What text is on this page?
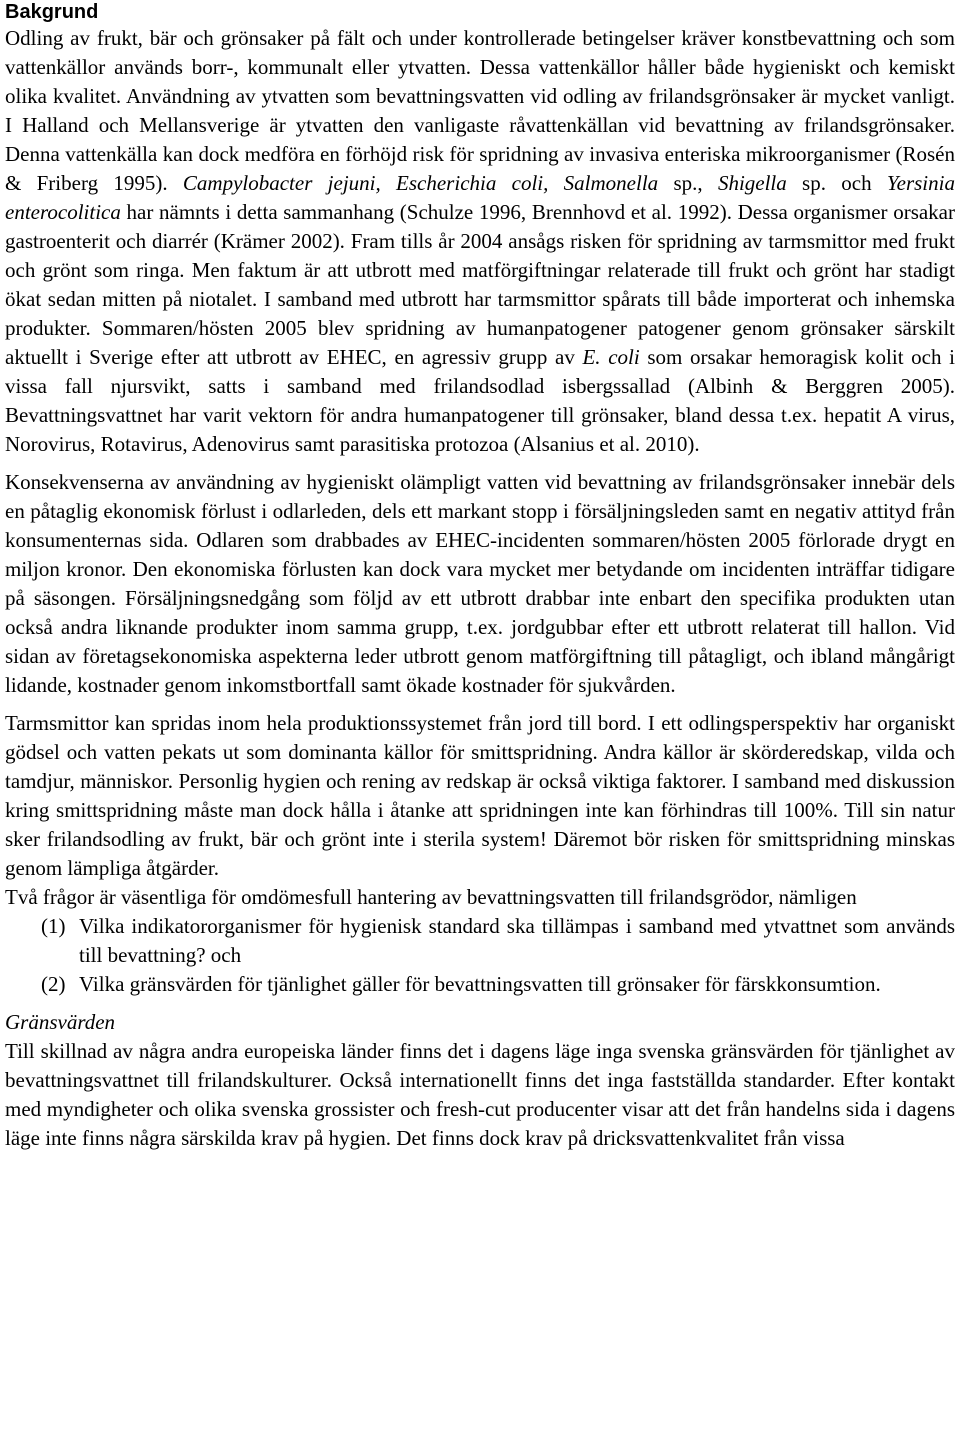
Bakgrund

Odling av frukt, bär och grönsaker på fält och under kontrollerade betingelser kräver konstbevattning och som vattenkällor används borr-, kommunalt eller ytvatten. Dessa vattenkällor håller både hygieniskt och kemiskt olika kvalitet. Användning av ytvatten som bevattningsvatten vid odling av frilandsgrönsaker är mycket vanligt. I Halland och Mellansverige är ytvatten den vanligaste råvattenkällan vid bevattning av frilandsgrönsaker. Denna vattenkälla kan dock medföra en förhöjd risk för spridning av invasiva enteriska mikroorganismer (Rosén & Friberg 1995). Campylobacter jejuni, Escherichia coli, Salmonella sp., Shigella sp. och Yersinia enterocolitica har nämnts i detta sammanhang (Schulze 1996, Brennhovd et al. 1992). Dessa organismer orsakar gastroenterit och diarrér (Krämer 2002). Fram tills år 2004 ansågs risken för spridning av tarmsmittor med frukt och grönt som ringa. Men faktum är att utbrott med matförgiftningar relaterade till frukt och grönt har stadigt ökat sedan mitten på niotalet. I samband med utbrott har tarmsmittor spårats till både importerat och inhemska produkter. Sommaren/hösten 2005 blev spridning av humanpatogener patogener genom grönsaker särskilt aktuellt i Sverige efter att utbrott av EHEC, en agressiv grupp av E. coli som orsakar hemoragisk kolit och i vissa fall njursvikt, satts i samband med frilandsodlad isbergssallad (Albinh & Berggren 2005). Bevattningsvattnet har varit vektorn för andra humanpatogener till grönsaker, bland dessa t.ex. hepatit A virus, Norovirus, Rotavirus, Adenovirus samt parasitiska protozoa (Alsanius et al. 2010).

Konsekvenserna av användning av hygieniskt olämpligt vatten vid bevattning av frilandsgrönsaker innebär dels en påtaglig ekonomisk förlust i odlarleden, dels ett markant stopp i försäljningsleden samt en negativ attityd från konsumenternas sida. Odlaren som drabbades av EHEC-incidenten sommaren/hösten 2005 förlorade drygt en miljon kronor. Den ekonomiska förlusten kan dock vara mycket mer betydande om incidenten inträffar tidigare på säsongen. Försäljningsnedgång som följd av ett utbrott drabbar inte enbart den specifika produkten utan också andra liknande produkter inom samma grupp, t.ex. jordgubbar efter ett utbrott relaterat till hallon. Vid sidan av företagsekonomiska aspekterna leder utbrott genom matförgiftning till påtagligt, och ibland mångårigt lidande, kostnader genom inkomstbortfall samt ökade kostnader för sjukvården.

Tarmsmittor kan spridas inom hela produktionssystemet från jord till bord. I ett odlingsperspektiv har organiskt gödsel och vatten pekats ut som dominanta källor för smittspridning. Andra källor är skörderedskap, vilda och tamdjur, människor. Personlig hygien och rening av redskap är också viktiga faktorer. I samband med diskussion kring smittspridning måste man dock hålla i åtanke att spridningen inte kan förhindras till 100%. Till sin natur sker frilandsodling av frukt, bär och grönt inte i sterila system! Däremot bör risken för smittspridning minskas genom lämpliga åtgärder.

Två frågor är väsentliga för omdömesfull hantering av bevattningsvatten till frilandsgrödor, nämligen

(1) Vilka indikatororganismer för hygienisk standard ska tillämpas i samband med ytvattnet som används till bevattning? och
(2) Vilka gränsvärden för tjänlighet gäller för bevattningsvatten till grönsaker för färskkonsumtion.
Gränsvärden

Till skillnad av några andra europeiska länder finns det i dagens läge inga svenska gränsvärden för tjänlighet av bevattningsvattnet till frilandskulturer. Också internationellt finns det inga fastställda standarder. Efter kontakt med myndigheter och olika svenska grossister och fresh-cut producenter visar att det från handelns sida i dagens läge inte finns några särskilda krav på hygien. Det finns dock krav på dricksvattenkvalitet från vissa
